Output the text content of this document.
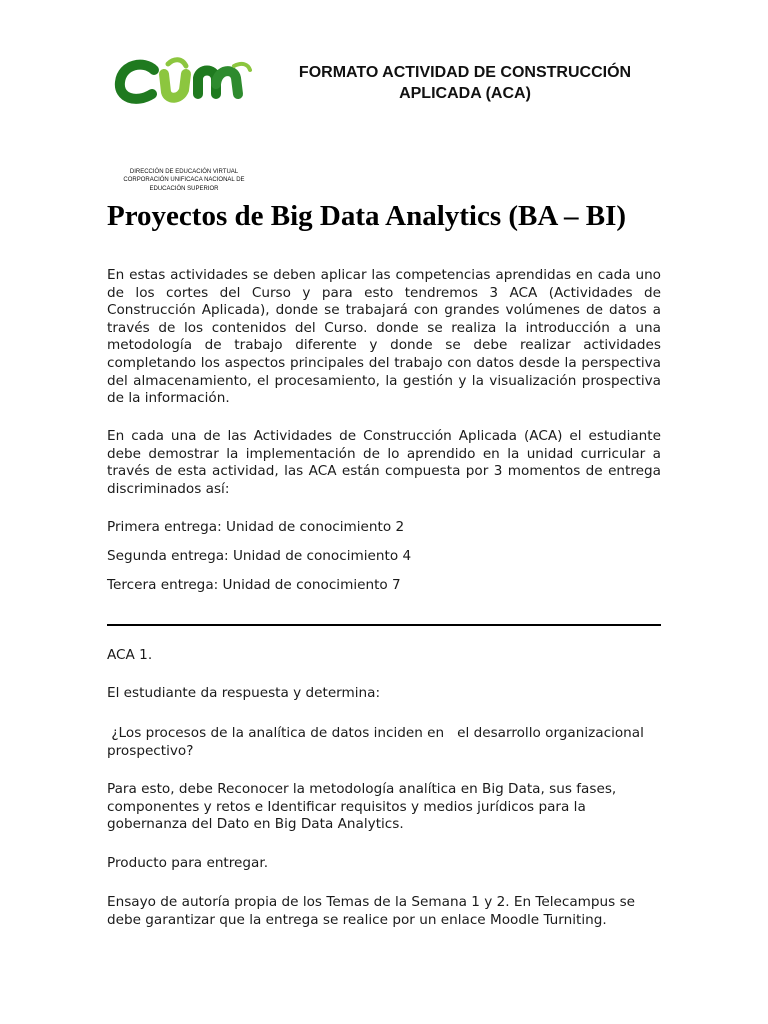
FORMATO ACTIVIDAD DE CONSTRUCCIÓN
APLICADA (ACA)
DIRECCIÓN DE EDUCACIÓN VIRTUAL
CORPORACIÓN UNIFICACA NACIONAL DE
EDUCACIÓN SUPERIOR
Proyectos de Big Data Analytics (BA – BI)

En estas actividades se deben aplicar las competencias aprendidas en cada uno de los cortes del Curso y para esto tendremos 3 ACA (Actividades de Construcción Aplicada), donde se trabajará con grandes volúmenes de datos a través de los contenidos del Curso. donde se realiza la introducción a una metodología de trabajo diferente y donde se debe realizar actividades completando los aspectos principales del trabajo con datos desde la perspectiva del almacenamiento, el procesamiento, la gestión y la visualización prospectiva de la información.

En cada una de las Actividades de Construcción Aplicada (ACA) el estudiante debe demostrar la implementación de lo aprendido en la unidad curricular a través de esta actividad, las ACA están compuesta por 3 momentos de entrega discriminados así:

Primera entrega: Unidad de conocimiento 2

Segunda entrega: Unidad de conocimiento 4

Tercera entrega: Unidad de conocimiento 7

ACA 1.

El estudiante da respuesta y determina:

¿Los procesos de la analítica de datos inciden en   el desarrollo organizacional prospectivo?

Para esto, debe Reconocer la metodología analítica en Big Data, sus fases, componentes y retos e Identificar requisitos y medios jurídicos para la gobernanza del Dato en Big Data Analytics.

Producto para entregar.

Ensayo de autoría propia de los Temas de la Semana 1 y 2. En Telecampus se debe garantizar que la entrega se realice por un enlace Moodle Turniting.
